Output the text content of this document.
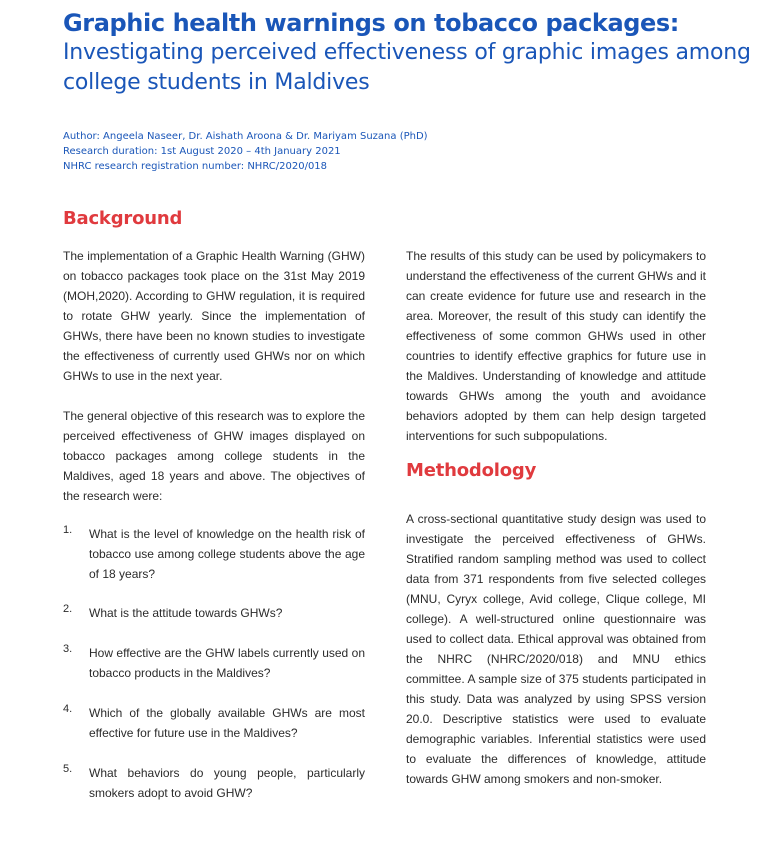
Graphic health warnings on tobacco packages:
Investigating perceived effectiveness of graphic images among college students in Maldives
Author: Angeela Naseer, Dr. Aishath Aroona & Dr. Mariyam Suzana (PhD)
Research duration: 1st August 2020 – 4th January 2021
NHRC research registration number: NHRC/2020/018
Background

The implementation of a Graphic Health Warning (GHW) on tobacco packages took place on the 31st May 2019 (MOH,2020). According to GHW regulation, it is required to rotate GHW yearly. Since the implementation of GHWs, there have been no known studies to investigate the effectiveness of currently used GHWs nor on which GHWs to use in the next year.

The general objective of this research was to explore the perceived effectiveness of GHW images displayed on tobacco packages among college students in the Maldives, aged 18 years and above. The objectives of the research were:

1. What is the level of knowledge on the health risk of tobacco use among college students above the age of 18 years?
2. What is the attitude towards GHWs?
3. How effective are the GHW labels currently used on tobacco products in the Maldives?
4. Which of the globally available GHWs are most effective for future use in the Maldives?
5. What behaviors do young people, particularly smokers adopt to avoid GHW?

The results of this study can be used by policymakers to understand the effectiveness of the current GHWs and it can create evidence for future use and research in the area. Moreover, the result of this study can identify the effectiveness of some common GHWs used in other countries to identify effective graphics for future use in the Maldives. Understanding of knowledge and attitude towards GHWs among the youth and avoidance behaviors adopted by them can help design targeted interventions for such subpopulations.

Methodology

A cross-sectional quantitative study design was used to investigate the perceived effectiveness of GHWs. Stratified random sampling method was used to collect data from 371 respondents from five selected colleges (MNU, Cyryx college, Avid college, Clique college, MI college). A well-structured online questionnaire was used to collect data. Ethical approval was obtained from the NHRC (NHRC/2020/018) and MNU ethics committee. A sample size of 375 students participated in this study. Data was analyzed by using SPSS version 20.0. Descriptive statistics were used to evaluate demographic variables. Inferential statistics were used to evaluate the differences of knowledge, attitude towards GHW among smokers and non-smoker.
